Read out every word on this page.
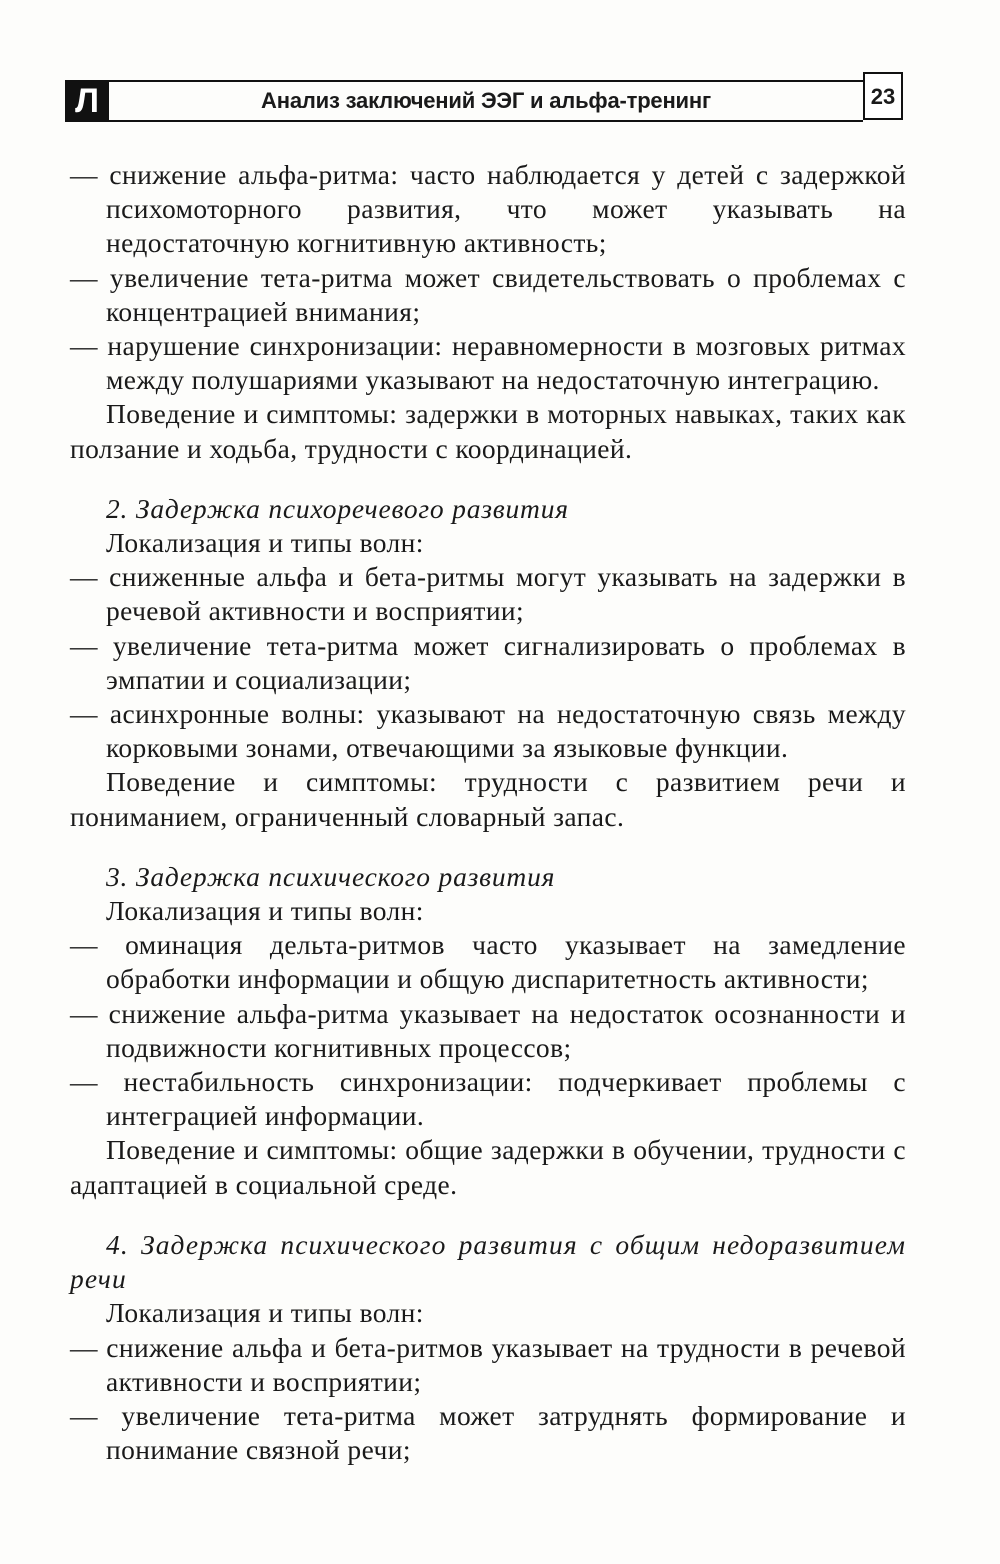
Л	Анализ заключений ЭЭГ и альфа-тренинг	23

— снижение альфа-ритма: часто наблюдается у детей с задержкой психомоторного развития, что может указывать на недостаточную когнитивную активность;

— увеличение тета-ритма может свидетельствовать о проблемах с концентрацией внимания;

— нарушение синхронизации: неравномерности в мозговых ритмах между полушариями указывают на недостаточную интеграцию.

Поведение и симптомы: задержки в моторных навыках, таких как ползание и ходьба, трудности с координацией.

2. Задержка психоречевого развития

Локализация и типы волн:

— сниженные альфа и бета-ритмы могут указывать на задержки в речевой активности и восприятии;

— увеличение тета-ритма может сигнализировать о проблемах в эмпатии и социализации;

— асинхронные волны: указывают на недостаточную связь между корковыми зонами, отвечающими за языковые функции.

Поведение и симптомы: трудности с развитием речи и пониманием, ограниченный словарный запас.

3. Задержка психического развития

Локализация и типы волн:

— оминация дельта-ритмов часто указывает на замедление обработки информации и общую диспаритетность активности;

— снижение альфа-ритма указывает на недостаток осознанности и подвижности когнитивных процессов;

— нестабильность синхронизации: подчеркивает проблемы с интеграцией информации.

Поведение и симптомы: общие задержки в обучении, трудности с адаптацией в социальной среде.

4. Задержка психического развития с общим недоразвитием речи

Локализация и типы волн:

— снижение альфа и бета-ритмов указывает на трудности в речевой активности и восприятии;

— увеличение тета-ритма может затруднять формирование и понимание связной речи;
